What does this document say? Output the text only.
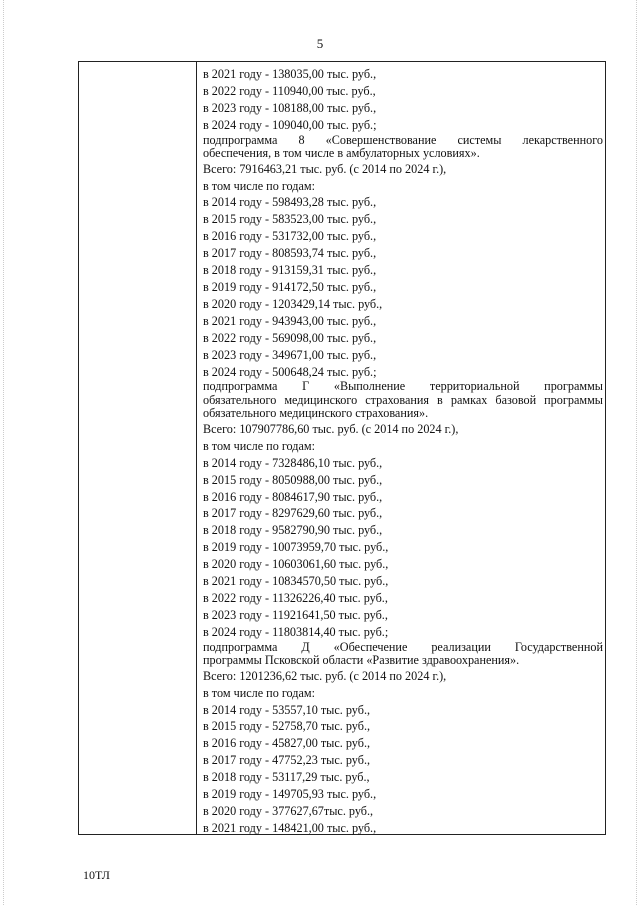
5
в 2021 году - 138035,00 тыс. руб.,
в 2022 году - 110940,00 тыс. руб.,
в 2023 году - 108188,00 тыс. руб.,
в 2024 году - 109040,00 тыс. руб.;
подпрограмма 8 «Совершенствование системы лекарственного
обеспечения, в том числе в амбулаторных условиях».
Всего: 7916463,21 тыс. руб. (с 2014 по 2024 г.),
в том числе по годам:
в 2014 году - 598493,28 тыс. руб.,
в 2015 году - 583523,00 тыс. руб.,
в 2016 году - 531732,00 тыс. руб.,
в 2017 году - 808593,74 тыс. руб.,
в 2018 году - 913159,31 тыс. руб.,
в 2019 году - 914172,50 тыс. руб.,
в 2020 году - 1203429,14 тыс. руб.,
в 2021 году - 943943,00 тыс. руб.,
в 2022 году - 569098,00 тыс. руб.,
в 2023 году - 349671,00 тыс. руб.,
в 2024 году - 500648,24 тыс. руб.;
подпрограмма Г «Выполнение территориальной программы
обязательного медицинского страхования в рамках базовой программы
обязательного медицинского страхования».
Всего: 107907786,60 тыс. руб. (с 2014 по 2024 г.),
в том числе по годам:
в 2014 году - 7328486,10 тыс. руб.,
в 2015 году - 8050988,00 тыс. руб.,
в 2016 году - 8084617,90 тыс. руб.,
в 2017 году - 8297629,60 тыс. руб.,
в 2018 году - 9582790,90 тыс. руб.,
в 2019 году - 10073959,70 тыс. руб.,
в 2020 году - 10603061,60 тыс. руб.,
в 2021 году - 10834570,50 тыс. руб.,
в 2022 году - 11326226,40 тыс. руб.,
в 2023 году - 11921641,50 тыс. руб.,
в 2024 году - 11803814,40 тыс. руб.;
подпрограмма Д «Обеспечение реализации Государственной
программы Псковской области «Развитие здравоохранения».
Всего: 1201236,62 тыс. руб. (с 2014 по 2024 г.),
в том числе по годам:
в 2014 году - 53557,10 тыс. руб.,
в 2015 году - 52758,70 тыс. руб.,
в 2016 году - 45827,00 тыс. руб.,
в 2017 году - 47752,23 тыс. руб.,
в 2018 году - 53117,29 тыс. руб.,
в 2019 году - 149705,93 тыс. руб.,
в 2020 году - 377627,67тыс. руб.,
в 2021 году - 148421,00 тыс. руб.,
10ТЛ
